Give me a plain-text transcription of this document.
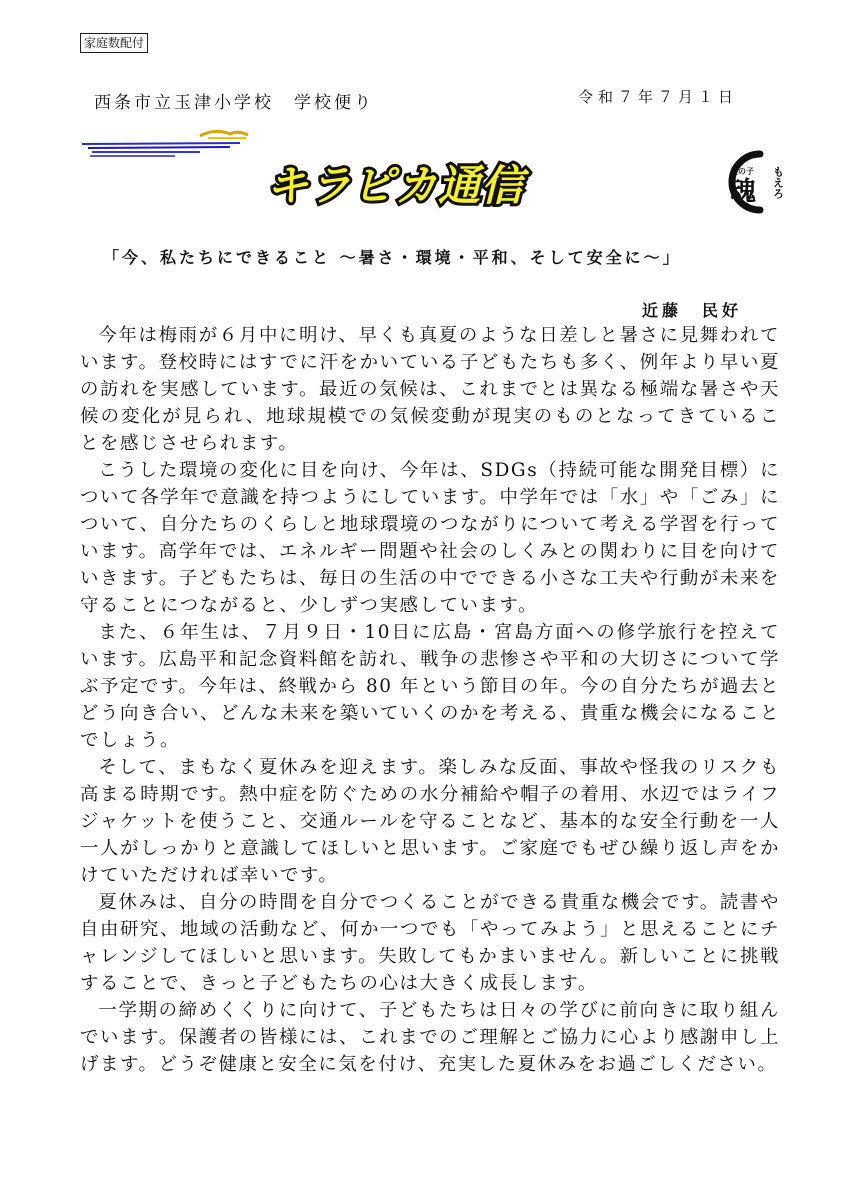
家庭数配付
西条市立玉津小学校　学校便り	令和７年７月１日
キラピカ通信	魂 もえろ
玉の子
「今、私たちにできること ～暑さ・環境・平和、そして安全に～」
近藤　民好

今年は梅雨が６月中に明け、早くも真夏のような日差しと暑さに見舞われています。登校時にはすでに汗をかいている子どもたちも多く、例年より早い夏の訪れを実感しています。最近の気候は、これまでとは異なる極端な暑さや天候の変化が見られ、地球規模での気候変動が現実のものとなってきていることを感じさせられます。

こうした環境の変化に目を向け、今年は、SDGs（持続可能な開発目標）について各学年で意識を持つようにしています。中学年では「水」や「ごみ」について、自分たちのくらしと地球環境のつながりについて考える学習を行っています。高学年では、エネルギー問題や社会のしくみとの関わりに目を向けていきます。子どもたちは、毎日の生活の中でできる小さな工夫や行動が未来を守ることにつながると、少しずつ実感しています。

また、６年生は、７月９日・10日に広島・宮島方面への修学旅行を控えています。広島平和記念資料館を訪れ、戦争の悲惨さや平和の大切さについて学ぶ予定です。今年は、終戦から 80 年という節目の年。今の自分たちが過去とどう向き合い、どんな未来を築いていくのかを考える、貴重な機会になることでしょう。

そして、まもなく夏休みを迎えます。楽しみな反面、事故や怪我のリスクも高まる時期です。熱中症を防ぐための水分補給や帽子の着用、水辺ではライフジャケットを使うこと、交通ルールを守ることなど、基本的な安全行動を一人一人がしっかりと意識してほしいと思います。ご家庭でもぜひ繰り返し声をかけていただければ幸いです。

夏休みは、自分の時間を自分でつくることができる貴重な機会です。読書や自由研究、地域の活動など、何か一つでも「やってみよう」と思えることにチャレンジしてほしいと思います。失敗してもかまいません。新しいことに挑戦することで、きっと子どもたちの心は大きく成長します。

一学期の締めくくりに向けて、子どもたちは日々の学びに前向きに取り組んでいます。保護者の皆様には、これまでのご理解とご協力に心より感謝申し上げます。どうぞ健康と安全に気を付け、充実した夏休みをお過ごしください。
